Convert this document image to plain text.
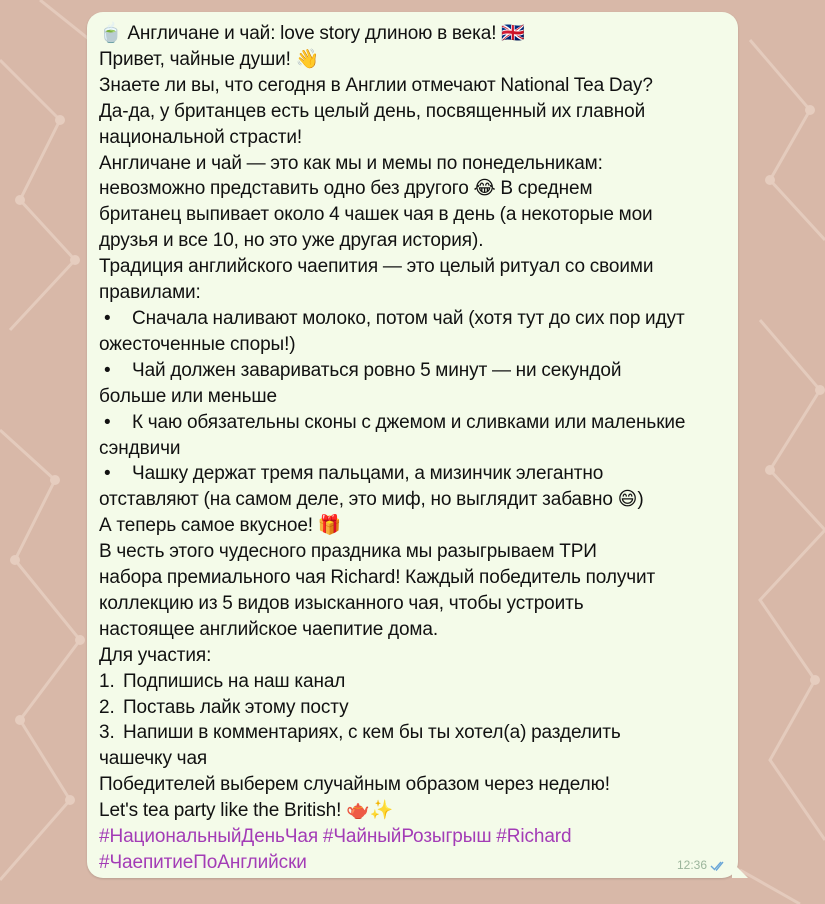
🍵 Англичане и чай: love story длиною в века! 🇬🇧
Привет, чайные души! 👋
Знаете ли вы, что сегодня в Англии отмечают National Tea Day?
Да-да, у британцев есть целый день, посвященный их главной
национальной страсти!
Англичане и чай — это как мы и мемы по понедельникам:
невозможно представить одно без другого 😂 В среднем
британец выпивает около 4 чашек чая в день (а некоторые мои
друзья и все 10, но это уже другая история).
Традиция английского чаепития — это целый ритуал со своими
правилами:
• Сначала наливают молоко, потом чай (хотя тут до сих пор идут
ожесточенные споры!)
• Чай должен завариваться ровно 5 минут — ни секундой
больше или меньше
• К чаю обязательны сконы с джемом и сливками или маленькие
сэндвичи
• Чашку держат тремя пальцами, а мизинчик элегантно
отставляют (на самом деле, это миф, но выглядит забавно 😄)
А теперь самое вкусное! 🎁
В честь этого чудесного праздника мы разыгрываем ТРИ
набора премиального чая Richard! Каждый победитель получит
коллекцию из 5 видов изысканного чая, чтобы устроить
настоящее английское чаепитие дома.
Для участия:
1. Подпишись на наш канал
2. Поставь лайк этому посту
3. Напиши в комментариях, с кем бы ты хотел(а) разделить
чашечку чая
Победителей выберем случайным образом через неделю!
Let's tea party like the British! 🫖✨
#НациональныйДеньЧая #ЧайныйРозыгрыш #Richard
#ЧаепитиеПоАнглийски	12:36
